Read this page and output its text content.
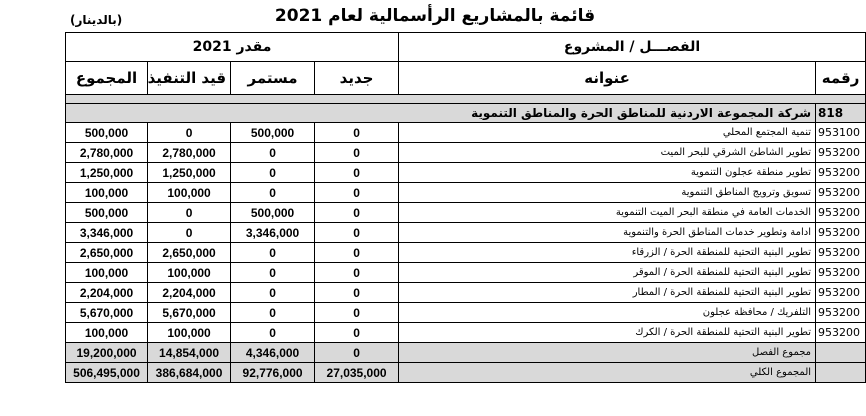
قائمة بالمشاريع الرأسمالية لعام 2021
(بالدينار)
الفصـــل / المشروع		مقدر 2021			
رقمه	عنوانه	جديد	مستمر	قيد التنفيذ	المجموع

818	شركة المجموعة الاردنية للمناطق الحرة والمناطق التنموية				
953100	تنمية المجتمع المحلي	0	500,000	0	500,000
953200	تطوير الشاطئ الشرقي للبحر الميت	0	0	2,780,000	2,780,000
953200	تطوير منطقة عجلون التنموية	0	0	1,250,000	1,250,000
953200	تسويق وترويج المناطق التنموية	0	0	100,000	100,000
953200	الخدمات العامة في منطقة البحر الميت التنموية	0	500,000	0	500,000
953200	ادامة وتطوير خدمات المناطق الحرة والتنموية	0	3,346,000	0	3,346,000
953200	تطوير البنية التحتية للمنطقة الحرة / الزرقاء	0	0	2,650,000	2,650,000
953200	تطوير البنية التحتية للمنطقة الحرة / الموقر	0	0	100,000	100,000
953200	تطوير البنية التحتية للمنطقة الحرة / المطار	0	0	2,204,000	2,204,000
953200	التلفريك / محافظة عجلون	0	0	5,670,000	5,670,000
953200	تطوير البنية التحتية للمنطقة الحرة / الكرك	0	0	100,000	100,000
	مجموع الفصل	0	4,346,000	14,854,000	19,200,000
	المجموع الكلي	27,035,000	92,776,000	386,684,000	506,495,000
